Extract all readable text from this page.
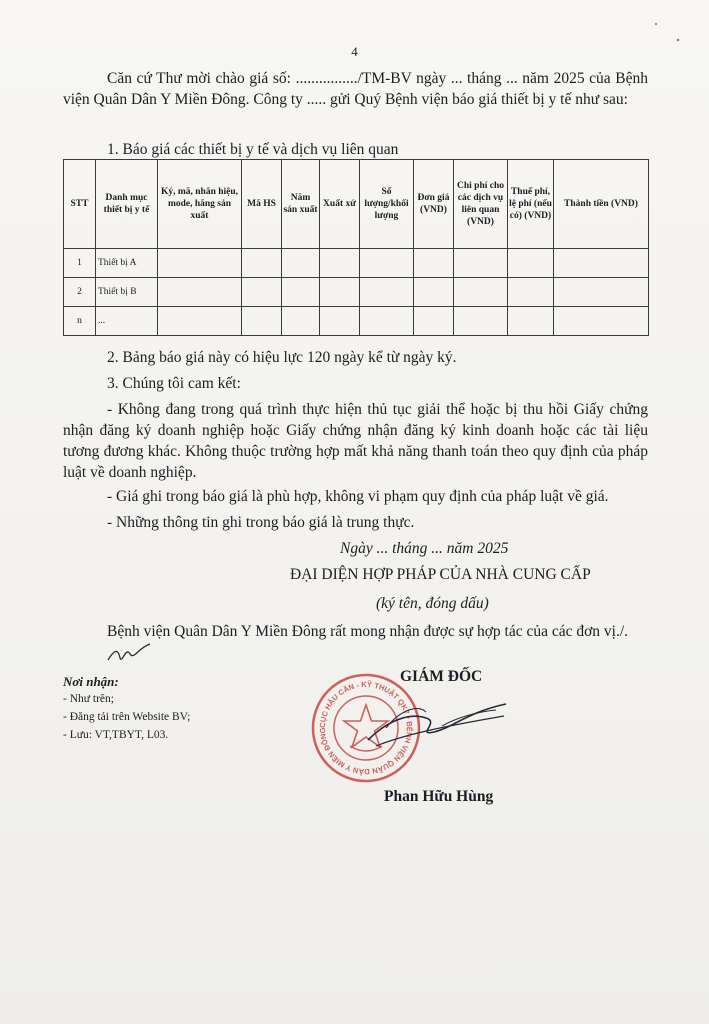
4
Căn cứ Thư mời chào giá số: ................/TM-BV ngày ... tháng ... năm 2025 của Bệnh viện Quân Dân Y Miền Đông. Công ty ..... gửi Quý Bệnh viện báo giá thiết bị y tế như sau:
1. Báo giá các thiết bị y tế và dịch vụ liên quan
STT	Danh mục thiết bị y tế	Ký, mã, nhãn hiệu, mode, hãng sản xuất	Mã HS	Năm sản xuất	Xuất xứ	Số lượng/khối lượng	Đơn giá (VND)	Chi phí cho các dịch vụ liên quan (VND)	Thuế phí, lệ phí (nếu có) (VND)	Thành tiền (VND)
1	Thiết bị A									
2	Thiết bị B									
n	...									
2. Bảng báo giá này có hiệu lực 120 ngày kể từ ngày ký.
3. Chúng tôi cam kết:
- Không đang trong quá trình thực hiện thủ tục giải thể hoặc bị thu hồi Giấy chứng nhận đăng ký doanh nghiệp hoặc Giấy chứng nhận đăng ký kinh doanh hoặc các tài liệu tương đương khác. Không thuộc trường hợp mất khả năng thanh toán theo quy định của pháp luật về doanh nghiệp.
- Giá ghi trong báo giá là phù hợp, không vi phạm quy định của pháp luật về giá.
- Những thông tin ghi trong báo giá là trung thực.
Ngày ... tháng ... năm 2025
ĐẠI DIỆN HỢP PHÁP CỦA NHÀ CUNG CẤP
(ký tên, đóng dấu)
Bệnh viện Quân Dân Y Miền Đông rất mong nhận được sự hợp tác của các đơn vị./.
Nơi nhận:
- Như trên;
- Đăng tải trên Website BV;
- Lưu: VT,TBYT, L03.
GIÁM ĐỐC
CỤC HẬU CẦN - KỸ THUẬT QK7 • BỆNH VIỆN QUÂN DÂN Y MIỀN ĐÔNG
Phan Hữu Hùng
